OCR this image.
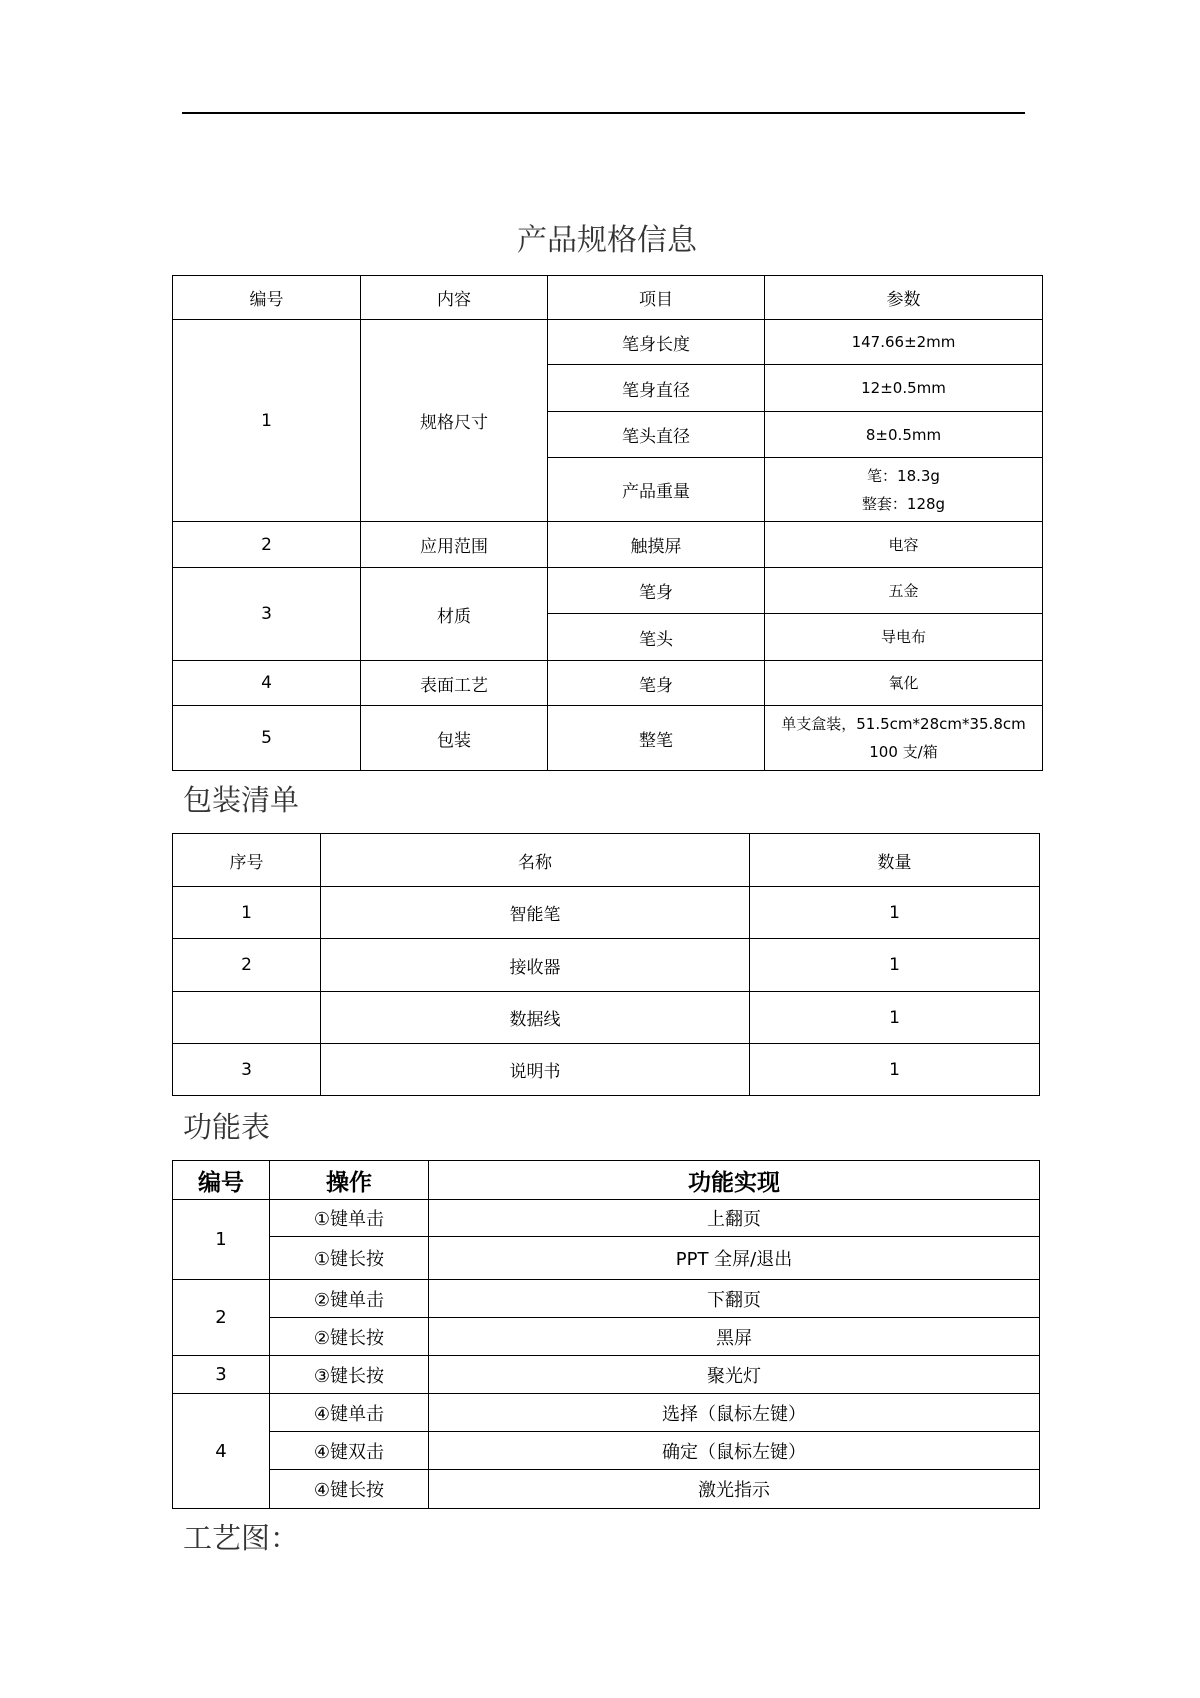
产品规格信息
编号	内容	项目	参数
1	规格尺寸	笔身长度	147.66±2mm

		笔身直径	12±0.5mm

		笔头直径	8±0.5mm

		产品重量	笔：18.3g
整套：128g

2	应用范围	触摸屏	电容

3	材质	笔身	五金

		笔头	导电布

4	表面工艺	笔身	氧化

5	包装	整笔	单支盒装，51.5cm*28cm*35.8cm
100 支/箱
包装清单
序号	名称	数量
1	智能笔	1
2	接收器	1
	数据线	1
3	说明书	1
功能表
编号	操作	功能实现
1	①键单击	上翻页
	①键长按	PPT 全屏/退出
2	②键单击	下翻页
	②键长按	黑屏
3	③键长按	聚光灯
4	④键单击	选择（鼠标左键）
	④键双击	确定（鼠标左键）
	④键长按	激光指示
工艺图：
